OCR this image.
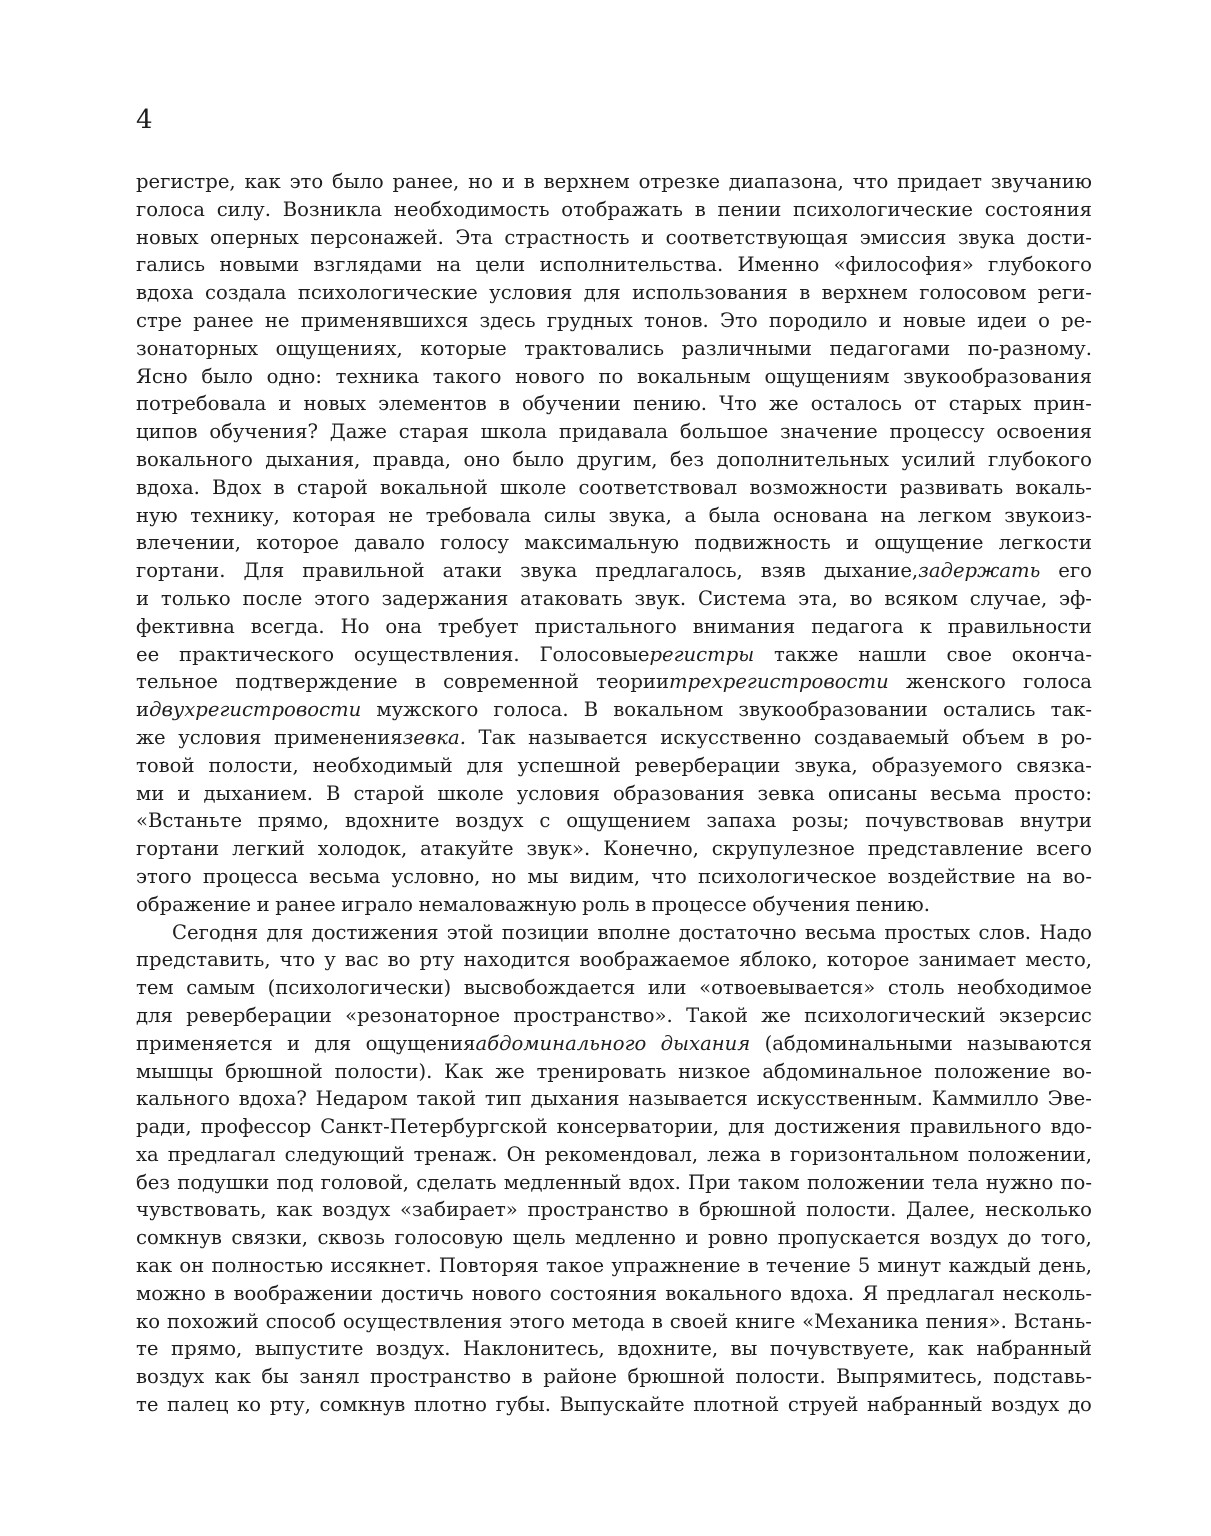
4
регистре, как это было ранее, но и в верхнем отрезке диапазона, что придает звучанию
голоса силу. Возникла необходимость отображать в пении психологические состояния
новых оперных персонажей. Эта страстность и соответствующая эмиссия звука дости-
гались новыми взглядами на цели исполнительства. Именно «философия» глубокого
вдоха создала психологические условия для использования в верхнем голосовом реги-
стре ранее не применявшихся здесь грудных тонов. Это породило и новые идеи о ре-
зонаторных ощущениях, которые трактовались различными педагогами по-разному.
Ясно было одно: техника такого нового по вокальным ощущениям звукообразования
потребовала и новых элементов в обучении пению. Что же осталось от старых прин-
ципов обучения? Даже старая школа придавала большое значение процессу освоения
вокального дыхания, правда, оно было другим, без дополнительных усилий глубокого
вдоха. Вдох в старой вокальной школе соответствовал возможности развивать вокаль-
ную технику, которая не требовала силы звука, а была основана на легком звукоиз-
влечении, которое давало голосу максимальную подвижность и ощущение легкости
гортани. Для правильной атаки звука предлагалось, взяв дыхание,задержать его
и только после этого задержания атаковать звук. Система эта, во всяком случае, эф-
фективна всегда. Но она требует пристального внимания педагога к правильности
ее практического осуществления. Голосовыерегистры также нашли свое оконча-
тельное подтверждение в современной теориитрехрегистровости женского голоса
идвухрегистровости мужского голоса. В вокальном звукообразовании остались так-
же условия применениязевка. Так называется искусственно создаваемый объем в ро-
товой полости, необходимый для успешной реверберации звука, образуемого связка-
ми и дыханием. В старой школе условия образования зевка описаны весьма просто:
«Встаньте прямо, вдохните воздух с ощущением запаха розы; почувствовав внутри
гортани легкий холодок, атакуйте звук». Конечно, скрупулезное представление всего
этого процесса весьма условно, но мы видим, что психологическое воздействие на во-
ображение и ранее играло немаловажную роль в процессе обучения пению.
Сегодня для достижения этой позиции вполне достаточно весьма простых слов. Надо
представить, что у вас во рту находится воображаемое яблоко, которое занимает место,
тем самым (психологически) высвобождается или «отвоевывается» столь необходимое
для реверберации «резонаторное пространство». Такой же психологический экзерсис
применяется и для ощущенияабдоминального дыхания (абдоминальными называются
мышцы брюшной полости). Как же тренировать низкое абдоминальное положение во-
кального вдоха? Недаром такой тип дыхания называется искусственным. Каммилло Эве-
ради, профессор Санкт-Петербургской консерватории, для достижения правильного вдо-
ха предлагал следующий тренаж. Он рекомендовал, лежа в горизонтальном положении,
без подушки под головой, сделать медленный вдох. При таком положении тела нужно по-
чувствовать, как воздух «забирает» пространство в брюшной полости. Далее, несколько
сомкнув связки, сквозь голосовую щель медленно и ровно пропускается воздух до того,
как он полностью иссякнет. Повторяя такое упражнение в течение 5 минут каждый день,
можно в воображении достичь нового состояния вокального вдоха. Я предлагал несколь-
ко похожий способ осуществления этого метода в своей книге «Механика пения». Встань-
те прямо, выпустите воздух. Наклонитесь, вдохните, вы почувствуете, как набранный
воздух как бы занял пространство в районе брюшной полости. Выпрямитесь, подставь-
те палец ко рту, сомкнув плотно губы. Выпускайте плотной струей набранный воздух до
